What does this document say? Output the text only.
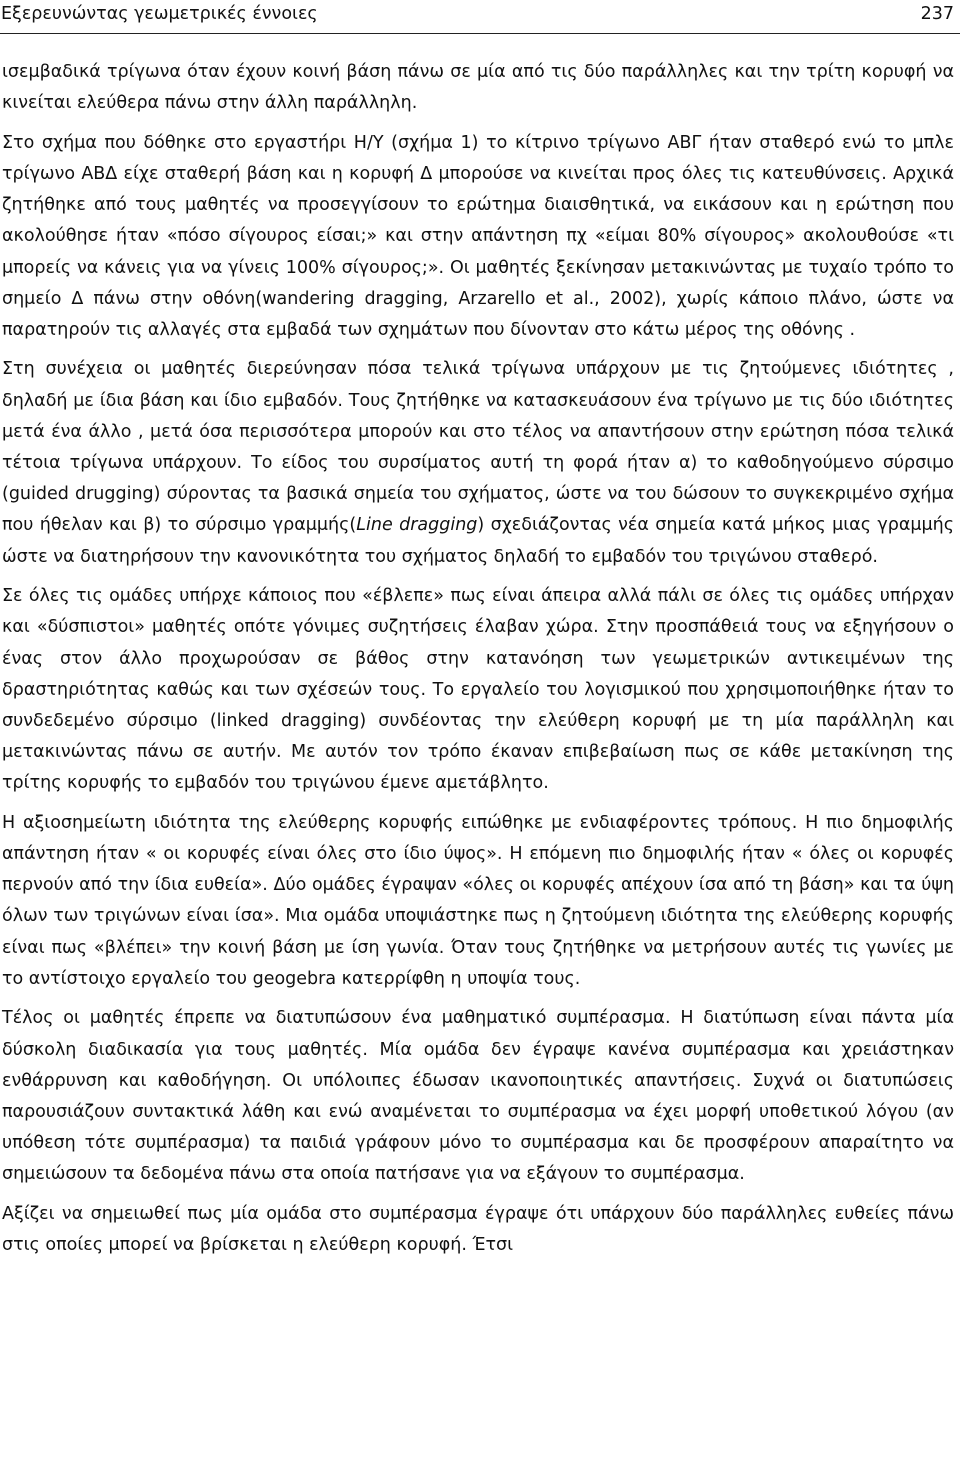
Εξερευνώντας γεωμετρικές έννοιες	237

ισεμβαδικά τρίγωνα όταν έχουν κοινή βάση πάνω σε μία από τις δύο παράλληλες και την τρίτη κορυφή να κινείται ελεύθερα πάνω στην άλλη παράλληλη.

Στο σχήμα που δόθηκε στο εργαστήρι Η/Υ (σχήμα 1) το κίτρινο τρίγωνο ΑΒΓ ήταν σταθερό ενώ το μπλε τρίγωνο ΑΒΔ είχε σταθερή βάση και η κορυφή Δ μπορούσε να κινείται προς όλες τις κατευθύνσεις. Αρχικά ζητήθηκε από τους μαθητές να προσεγγίσουν το ερώτημα διαισθητικά, να εικάσουν και η ερώτηση που ακολούθησε ήταν «πόσο σίγουρος είσαι;» και στην απάντηση πχ «είμαι 80% σίγουρος» ακολουθούσε «τι μπορείς να κάνεις για να γίνεις 100% σίγουρος;». Οι μαθητές ξεκίνησαν μετακινώντας με τυχαίο τρόπο το σημείο Δ πάνω στην οθόνη(wandering dragging, Arzarello et al., 2002), χωρίς κάποιο πλάνο, ώστε να παρατηρούν τις αλλαγές στα εμβαδά των σχημάτων που δίνονταν στο κάτω μέρος της οθόνης .

Στη συνέχεια οι μαθητές διερεύνησαν πόσα τελικά τρίγωνα υπάρχουν με τις ζητούμενες ιδιότητες , δηλαδή με ίδια βάση και ίδιο εμβαδόν. Τους ζητήθηκε να κατασκευάσουν ένα τρίγωνο με τις δύο ιδιότητες μετά ένα άλλο , μετά όσα περισσότερα μπορούν και στο τέλος να απαντήσουν στην ερώτηση πόσα τελικά τέτοια τρίγωνα υπάρχουν. Το είδος του συρσίματος αυτή τη φορά ήταν α) το καθοδηγούμενο σύρσιμο (guided drugging) σύροντας τα βασικά σημεία του σχήματος, ώστε να του δώσουν το συγκεκριμένο σχήμα που ήθελαν και β) το σύρσιμο γραμμής(Line dragging) σχεδιάζοντας νέα σημεία κατά μήκος μιας γραμμής ώστε να διατηρήσουν την κανονικότητα του σχήματος δηλαδή το εμβαδόν του τριγώνου σταθερό.

Σε όλες τις ομάδες υπήρχε κάποιος που «έβλεπε» πως είναι άπειρα αλλά πάλι σε όλες τις ομάδες υπήρχαν και «δύσπιστοι» μαθητές οπότε γόνιμες συζητήσεις έλαβαν χώρα. Στην προσπάθειά τους να εξηγήσουν ο ένας στον άλλο προχωρούσαν σε βάθος στην κατανόηση των γεωμετρικών αντικειμένων της δραστηριότητας καθώς και των σχέσεών τους. Το εργαλείο του λογισμικού που χρησιμοποιήθηκε ήταν το συνδεδεμένο σύρσιμο (linked dragging) συνδέοντας την ελεύθερη κορυφή με τη μία παράλληλη και μετακινώντας πάνω σε αυτήν. Με αυτόν τον τρόπο έκαναν επιβεβαίωση πως σε κάθε μετακίνηση της τρίτης κορυφής το εμβαδόν του τριγώνου έμενε αμετάβλητο.

Η αξιοσημείωτη ιδιότητα της ελεύθερης κορυφής ειπώθηκε με ενδιαφέροντες τρόπους. Η πιο δημοφιλής απάντηση ήταν « οι κορυφές είναι όλες στο ίδιο ύψος». Η επόμενη πιο δημοφιλής ήταν « όλες οι κορυφές περνούν από την ίδια ευθεία». Δύο ομάδες έγραψαν «όλες οι κορυφές απέχουν ίσα από τη βάση» και τα ύψη όλων των τριγώνων είναι ίσα». Μια ομάδα υποψιάστηκε πως η ζητούμενη ιδιότητα της ελεύθερης κορυφής είναι πως «βλέπει» την κοινή βάση με ίση γωνία. Όταν τους ζητήθηκε να μετρήσουν αυτές τις γωνίες με το αντίστοιχο εργαλείο του geogebra κατερρίφθη η υποψία τους.

Τέλος οι μαθητές έπρεπε να διατυπώσουν ένα μαθηματικό συμπέρασμα. Η διατύπωση είναι πάντα μία δύσκολη διαδικασία για τους μαθητές. Μία ομάδα δεν έγραψε κανένα συμπέρασμα και χρειάστηκαν ενθάρρυνση και καθοδήγηση. Οι υπόλοιπες έδωσαν ικανοποιητικές απαντήσεις. Συχνά οι διατυπώσεις παρουσιάζουν συντακτικά λάθη και ενώ αναμένεται το συμπέρασμα να έχει μορφή υποθετικού λόγου (αν υπόθεση τότε συμπέρασμα) τα παιδιά γράφουν μόνο το συμπέρασμα και δε προσφέρουν απαραίτητο να σημειώσουν τα δεδομένα πάνω στα οποία πατήσανε για να εξάγουν το συμπέρασμα.

Αξίζει να σημειωθεί πως μία ομάδα στο συμπέρασμα έγραψε ότι υπάρχουν δύο παράλληλες ευθείες πάνω στις οποίες μπορεί να βρίσκεται η ελεύθερη κορυφή. Έτσι
